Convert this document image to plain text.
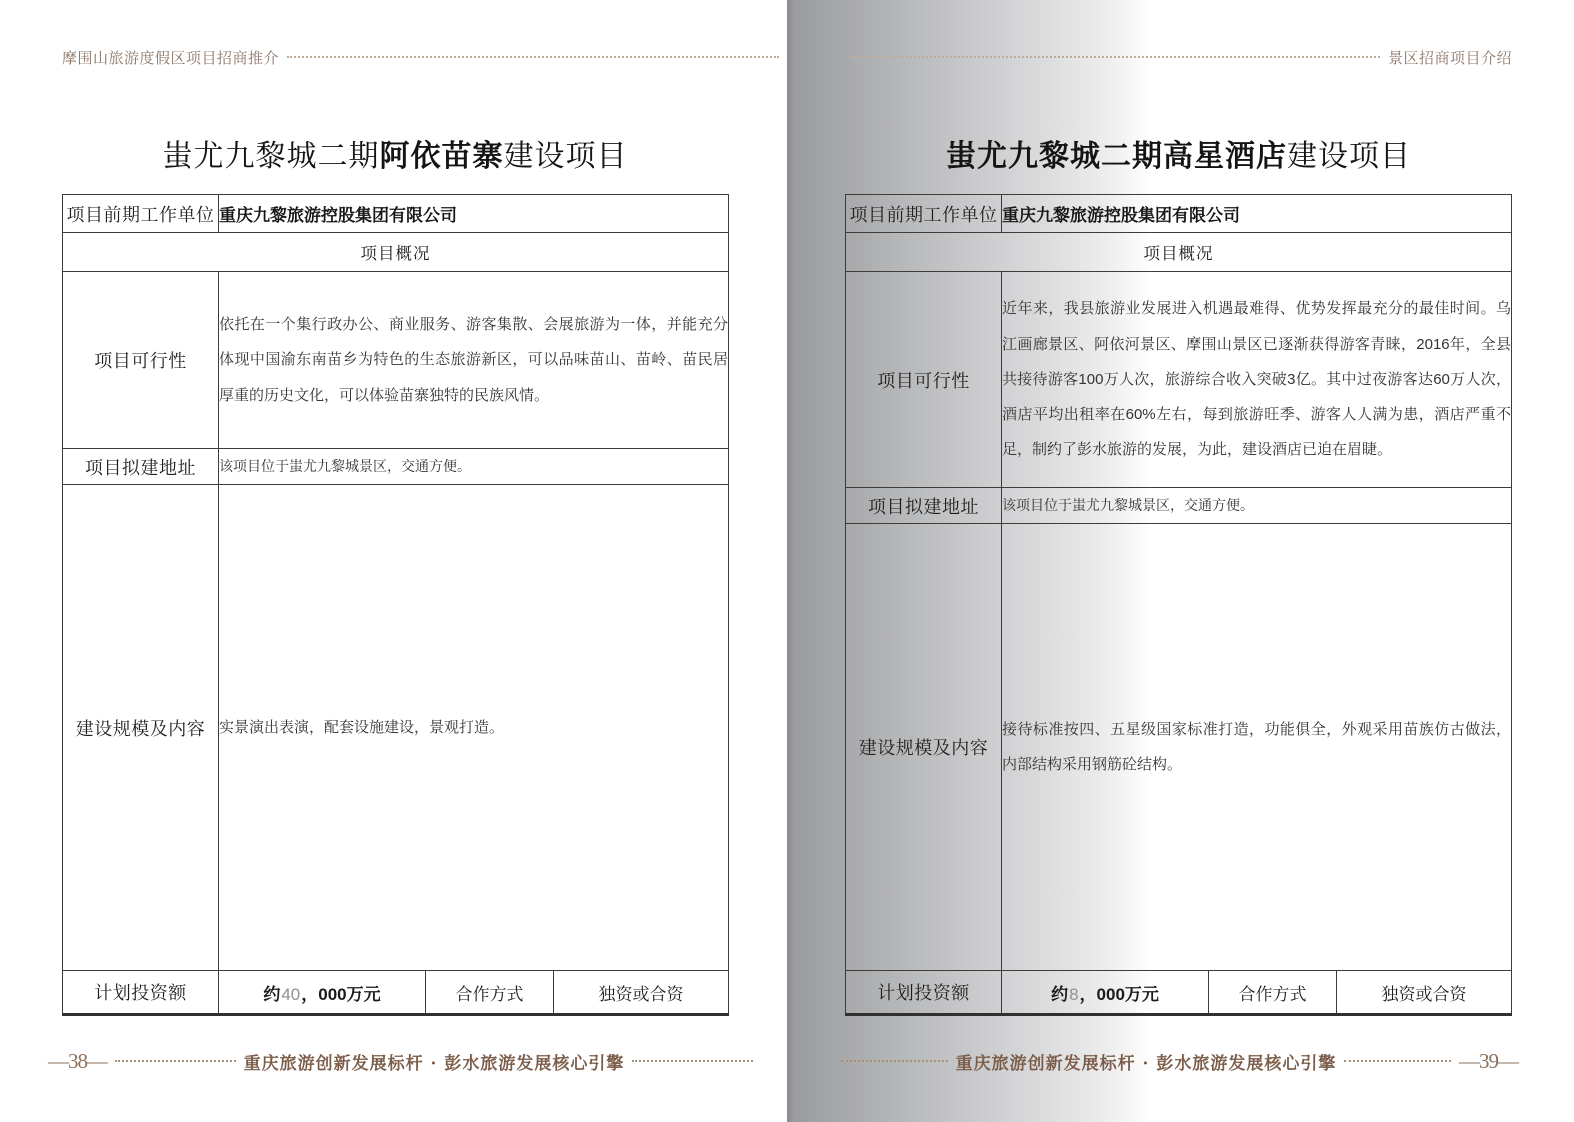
摩围山旅游度假区项目招商推介
蚩尤九黎城二期阿依苗寨建设项目
项目前期工作单位	重庆九黎旅游控股集团有限公司		
项目概况			
项目可行性	依托在一个集行政办公、商业服务、游客集散、会展旅游为一体，并能充分体现中国渝东南苗乡为特色的生态旅游新区，可以品味苗山、苗岭、苗民居厚重的历史文化，可以体验苗寨独特的民族风情。		
项目拟建地址	该项目位于蚩尤九黎城景区，交通方便。		
建设规模及内容	实景演出表演，配套设施建设，景观打造。		
计划投资额	约40，000万元	合作方式	独资或合资
—38—	重庆旅游创新发展标杆 · 彭水旅游发展核心引擎
景区招商项目介绍
蚩尤九黎城二期高星酒店建设项目
项目前期工作单位	重庆九黎旅游控股集团有限公司		
项目概况			
项目可行性	近年来，我县旅游业发展进入机遇最难得、优势发挥最充分的最佳时间。乌江画廊景区、阿依河景区、摩围山景区已逐渐获得游客青睐，2016年，全县共接待游客100万人次，旅游综合收入突破3亿。其中过夜游客达60万人次，酒店平均出租率在60%左右，每到旅游旺季、游客人人满为患，酒店严重不足，制约了彭水旅游的发展，为此，建设酒店已迫在眉睫。		
项目拟建地址	该项目位于蚩尤九黎城景区，交通方便。		
建设规模及内容	接待标准按四、五星级国家标准打造，功能俱全，外观采用苗族仿古做法，内部结构采用钢筋砼结构。		
计划投资额	约8，000万元	合作方式	独资或合资
重庆旅游创新发展标杆 · 彭水旅游发展核心引擎	—39—
